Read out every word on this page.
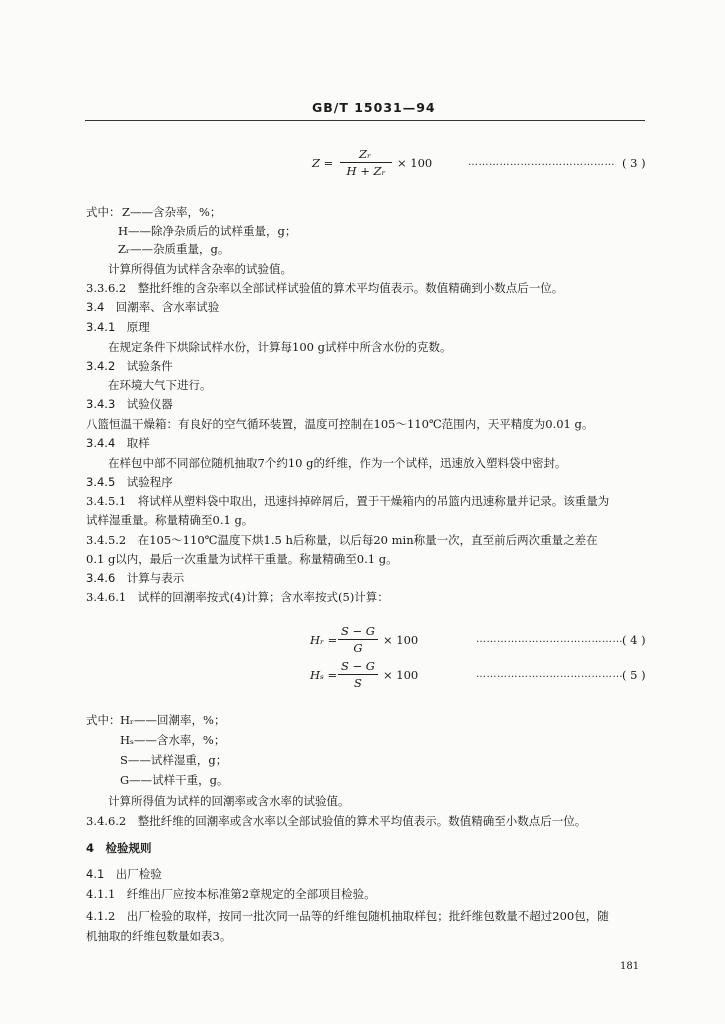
GB/T 15031—94
Z =
Zᵣ
H + Zᵣ
× 100	…………………………………… ( 3 )
式中： Z——含杂率，%；
H——除净杂质后的试样重量，g；
Zᵣ——杂质重量，g。
计算所得值为试样含杂率的试验值。
3.3.6.2　整批纤维的含杂率以全部试样试验值的算术平均值表示。数值精确到小数点后一位。
3.4　回潮率、含水率试验
3.4.1　原理
在规定条件下烘除试样水份，计算每100 g试样中所含水份的克数。
3.4.2　试验条件
在环境大气下进行。
3.4.3　试验仪器
八篮恒温干燥箱：有良好的空气循环装置，温度可控制在105～110℃范围内，天平精度为0.01 g。
3.4.4　取样
在样包中部不同部位随机抽取7个约10 g的纤维，作为一个试样，迅速放入塑料袋中密封。
3.4.5　试验程序
3.4.5.1　将试样从塑料袋中取出，迅速抖掉碎屑后，置于干燥箱内的吊篮内迅速称量并记录。该重量为
试样湿重量。称量精确至0.1 g。
3.4.5.2　在105～110℃温度下烘1.5 h后称量，以后每20 min称量一次，直至前后两次重量之差在
0.1 g以内，最后一次重量为试样干重量。称量精确至0.1 g。
3.4.6　计算与表示
3.4.6.1　试样的回潮率按式(4)计算；含水率按式(5)计算：
Hᵣ =
S − G
G
× 100	…………………………………… ( 4 )
Hₛ =
S − G
S
× 100	…………………………………… ( 5 )
式中： Hᵣ——回潮率，%；
Hₛ——含水率，%；
S——试样湿重，g；
G——试样干重，g。
计算所得值为试样的回潮率或含水率的试验值。
3.4.6.2　整批纤维的回潮率或含水率以全部试验值的算术平均值表示。数值精确至小数点后一位。
4　检验规则
4.1　出厂检验
4.1.1　纤维出厂应按本标准第2章规定的全部项目检验。
4.1.2　出厂检验的取样，按同一批次同一品等的纤维包随机抽取样包；批纤维包数量不超过200包，随
机抽取的纤维包数量如表3。
181
